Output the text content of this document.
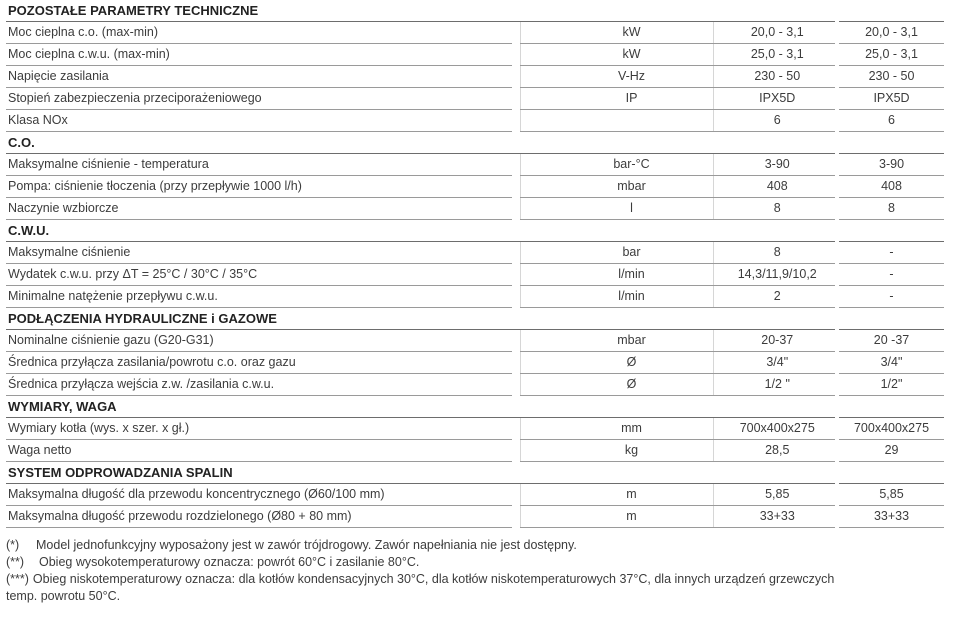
POZOSTAŁE PARAMETRY TECHNICZNE				
Moc cieplna c.o. (max-min)		kW	20,0 - 3,1	20,0 - 3,1
Moc cieplna c.w.u. (max-min)		kW	25,0 - 3,1	25,0 - 3,1
Napięcie zasilania		V-Hz	230 - 50	230 - 50
Stopień zabezpieczenia przeciporażeniowego		IP	IPX5D	IPX5D
Klasa NOx			6	6
C.O.				
Maksymalne ciśnienie - temperatura		bar-°C	3-90	3-90
Pompa: ciśnienie tłoczenia (przy przepływie 1000 l/h)		mbar	408	408
Naczynie wzbiorcze		l	8	8
C.W.U.				
Maksymalne ciśnienie		bar	8	-
Wydatek c.w.u. przy ΔT = 25°C / 30°C / 35°C		l/min	14,3/11,9/10,2	-
Minimalne natężenie przepływu c.w.u.		l/min	2	-
PODŁĄCZENIA HYDRAULICZNE i GAZOWE				
Nominalne ciśnienie gazu (G20-G31)		mbar	20-37	20 -37
Średnica przyłącza zasilania/powrotu c.o. oraz gazu		Ø	3/4"	3/4"
Średnica przyłącza wejścia z.w. /zasilania c.w.u.		Ø	1/2 "	1/2"
WYMIARY, WAGA				
Wymiary kotła (wys. x szer. x gł.)		mm	700x400x275	700x400x275
Waga netto		kg	28,5	29
SYSTEM ODPROWADZANIA SPALIN				
Maksymalna długość dla przewodu koncentrycznego (Ø60/100 mm)		m	5,85	5,85
Maksymalna długość przewodu rozdzielonego (Ø80 + 80 mm)		m	33+33	33+33
(*)	Model jednofunkcyjny wyposażony jest w zawór trójdrogowy. Zawór napełniania nie jest dostępny.
(**)	Obieg wysokotemperaturowy oznacza: powrót 60°C i zasilanie 80°C.
(***) Obieg niskotemperaturowy oznacza: dla kotłów kondensacyjnych 30°C, dla kotłów niskotemperaturowych 37°C, dla innych urządzeń grzewczych
temp. powrotu 50°C.
